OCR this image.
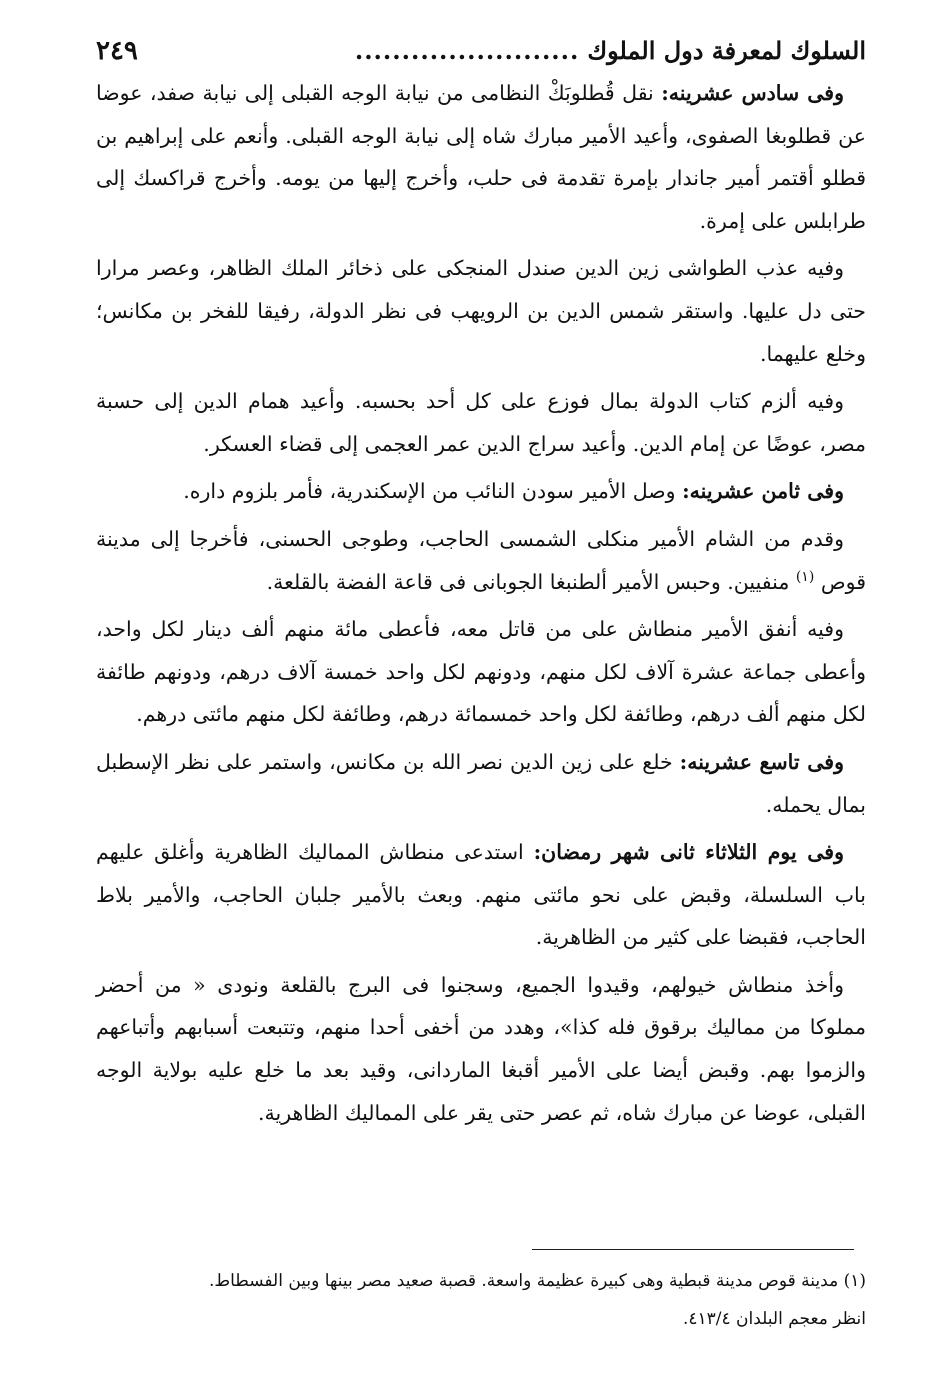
السلوك لمعرفة دول الملوك
........................
٢٤٩

وفى سادس عشرينه: نقل قُطلوبَكْ النظامى من نيابة الوجه القبلى إلى نيابة صفد، عوضا عن قطلوبغا الصفوى، وأعيد الأمير مبارك شاه إلى نيابة الوجه القبلى. وأنعم على إبراهيم بن قطلو أقتمر أمير جاندار بإمرة تقدمة فى حلب، وأخرج إليها من يومه. وأخرج قراكسك إلى طرابلس على إمرة.

وفيه عذب الطواشى زين الدين صندل المنجكى على ذخائر الملك الظاهر، وعصر مرارا حتى دل عليها. واستقر شمس الدين بن الرويهب فى نظر الدولة، رفيقا للفخر بن مكانس؛ وخلع عليهما.

وفيه ألزم كتاب الدولة بمال فوزع على كل أحد بحسبه. وأعيد همام الدين إلى حسبة مصر، عوضًا عن إمام الدين. وأعيد سراج الدين عمر العجمى إلى قضاء العسكر.

وفى ثامن عشرينه: وصل الأمير سودن النائب من الإسكندرية، فأمر بلزوم داره.

وقدم من الشام الأمير منكلى الشمسى الحاجب، وطوجى الحسنى، فأخرجا إلى مدينة قوص $^{(١)}$ منفيين. وحبس الأمير ألطنبغا الجوبانى فى قاعة الفضة بالقلعة.

وفيه أنفق الأمير منطاش على من قاتل معه، فأعطى مائة منهم ألف دينار لكل واحد، وأعطى جماعة عشرة آلاف لكل منهم، ودونهم لكل واحد خمسة آلاف درهم، ودونهم طائفة لكل منهم ألف درهم، وطائفة لكل واحد خمسمائة درهم، وطائفة لكل منهم مائتى درهم.

وفى تاسع عشرينه: خلع على زين الدين نصر الله بن مكانس، واستمر على نظر الإسطبل بمال يحمله.

وفى يوم الثلاثاء ثانى شهر رمضان: استدعى منطاش المماليك الظاهرية وأغلق عليهم باب السلسلة، وقبض على نحو مائتى منهم. وبعث بالأمير جلبان الحاجب، والأمير بلاط الحاجب، فقبضا على كثير من الظاهرية.

وأخذ منطاش خيولهم، وقيدوا الجميع، وسجنوا فى البرج بالقلعة ونودى « من أحضر مملوكا من مماليك برقوق فله كذا»، وهدد من أخفى أحدا منهم، وتتبعت أسبابهم وأتباعهم والزموا بهم. وقبض أيضا على الأمير أقبغا الماردانى، وقيد بعد ما خلع عليه بولاية الوجه القبلى، عوضا عن مبارك شاه، ثم عصر حتى يقر على المماليك الظاهرية.

(١) مدينة قوص مدينة قبطية وهى كبيرة عظيمة واسعة. قصبة صعيد مصر بينها وبين الفسطاط.

انظر معجم البلدان ٤١٣/٤.
